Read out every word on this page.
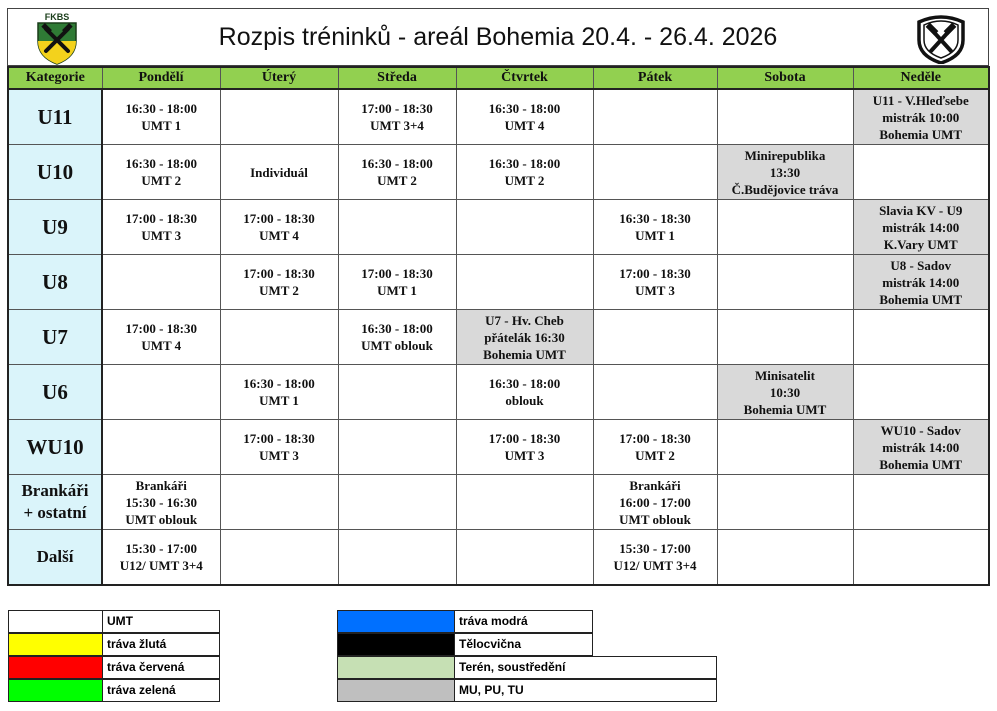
FKBS
Rozpis tréninků - areál Bohemia 20.4. - 26.4. 2026
Kategorie	Pondělí	Úterý	Středa	Čtvrtek	Pátek	Sobota	Neděle

U11	16:30 - 18:00
UMT 1		17:00 - 18:30
UMT 3+4	16:30 - 18:00
UMT 4			U11 - V.Hleďsebe
mistrák 10:00
Bohemia UMT

U10	16:30 - 18:00
UMT 2	Individuál	16:30 - 18:00
UMT 2	16:30 - 18:00
UMT 2		Minirepublika
13:30
Č.Budějovice tráva	

U9	17:00 - 18:30
UMT 3	17:00 - 18:30
UMT 4			16:30 - 18:30
UMT 1		Slavia KV - U9
mistrák 14:00
K.Vary UMT

U8		17:00 - 18:30
UMT 2	17:00 - 18:30
UMT 1		17:00 - 18:30
UMT 3		U8 - Sadov
mistrák 14:00
Bohemia UMT

U7	17:00 - 18:30
UMT 4		16:30 - 18:00
UMT oblouk	U7 - Hv. Cheb
přátelák 16:30
Bohemia UMT			

U6		16:30 - 18:00
UMT 1		16:30 - 18:00
oblouk		Minisatelit
10:30
Bohemia UMT	

WU10		17:00 - 18:30
UMT 3		17:00 - 18:30
UMT 3	17:00 - 18:30
UMT 2		WU10 - Sadov
mistrák 14:00
Bohemia UMT

Brankáři
+ ostatní	Brankáři
15:30 - 16:30
UMT oblouk				Brankáři
16:00 - 17:00
UMT oblouk		

Další	15:30 - 17:00
U12/ UMT 3+4				15:30 - 17:00
U12/ UMT 3+4		

UMT
tráva žlutá
tráva červená
tráva zelená
tráva modrá
Tělocvična
Terén, soustředění
MU, PU, TU
